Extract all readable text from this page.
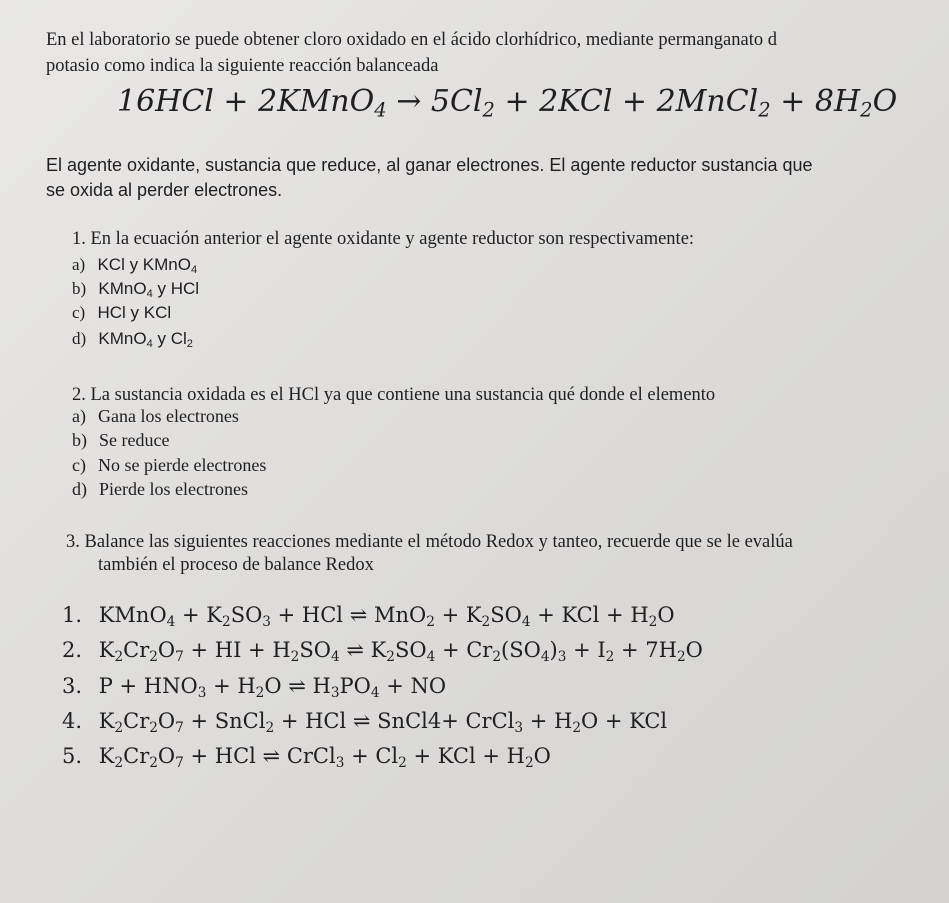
En el laboratorio se puede obtener cloro oxidado en el ácido clorhídrico, mediante permanganato d
potasio como indica la siguiente reacción balanceada
16HCl + 2KMnO$_4$ → $5Cl_2 + 2KCl$ + 2MnCl$_2$ + $8H_2O$
El agente oxidante, sustancia que reduce, al ganar electrones. El agente reductor sustancia que
se oxida al perder electrones.
1. En la ecuación anterior el agente oxidante y agente reductor son respectivamente:
a) KCl y KMnO$_4$
b) KMnO$_4$ y HCl
c) HCl y KCl
d) KMnO$_4$ y $Cl_2$
2. La sustancia oxidada es el HCl ya que contiene una sustancia qué donde el elemento
a) Gana los electrones
b) Se reduce
c) No se pierde electrones
d) Pierde los electrones
3. Balance las siguientes reacciones mediante el método Redox y tanteo, recuerde que se le evalúa
también el proceso de balance Redox
1. KMnO$_4$ + $K_2SO_3$ + HCl ⇌ $MnO_2 + K_2SO_4$ + KCl + $H_2O$
2. $K_2Cr_2O_7$ + HI + $H_2SO_4$ ⇌ $K_2SO_4 + Cr_2(SO_4)_3 + I_2 + 7H_2O$
3. $P + HNO_3 + H_2O$ ⇌ $H_3PO_4$ + NO
4. $K_2Cr_2O_7$ + SnCl$_2$ + HCl ⇌ SnCl4+ CrCl$_3$ + $H_2O$ + KCl
5. $K_2Cr_2O_7$ + HCl ⇌ CrCl$_3$ + $Cl_2$ + KCl + $H_2O$
